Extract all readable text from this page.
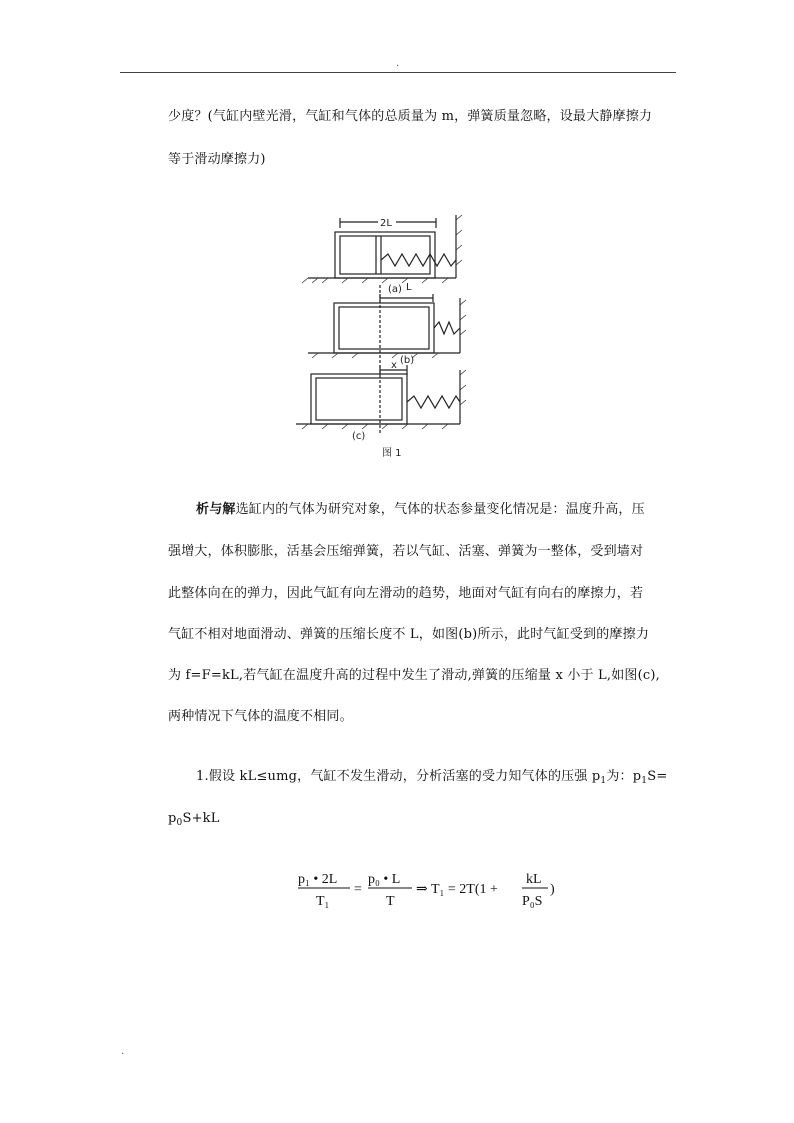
.
少度？(气缸内壁光滑，气缸和气体的总质量为 m，弹簧质量忽略，设最大静摩擦力
等于滑动摩擦力)
2L
(a) L
(b)
x
(c)
图 1
析与解选缸内的气体为研究对象，气体的状态参量变化情况是：温度升高，压
强增大，体积膨胀，活基会压缩弹簧，若以气缸、活塞、弹簧为一整体，受到墙对
此整体向在的弹力，因此气缸有向左滑动的趋势，地面对气缸有向右的摩擦力，若
气缸不相对地面滑动、弹簧的压缩长度不 L，如图(b)所示，此时气缸受到的摩擦力
为 f=F=kL,若气缸在温度升高的过程中发生了滑动,弹簧的压缩量 x 小于 L,如图(c),
两种情况下气体的温度不相同。
1.假设 kL≤umg，气缸不发生滑动，分析活塞的受力知气体的压强 $p_1$为：$p_1S=$
$p_0S+kL$
p₁ • 2L
T₁
=
p₀ • L
T
⇒ T₁ = 2T(1 +
kL
P₀S
)
.
